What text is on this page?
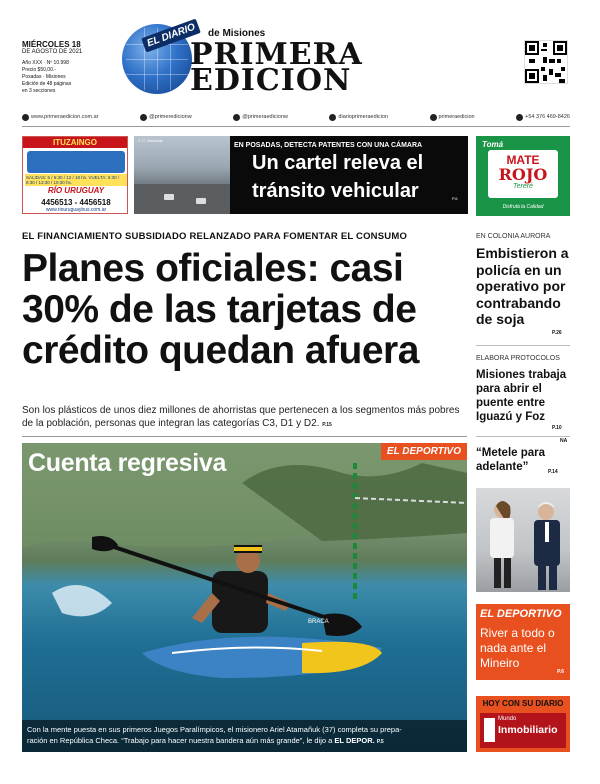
MIÉRCOLES 18
DE AGOSTO DE 2021
Año XXX · Nº 10.998
Precio $50,00.-
Posadas · Misiones
Edición de 48 páginas
en 3 secciones
EL DIARIO	de Misiones
PRIMERA
EDICION
www.primeraedicion.com.ar	@primeredicionw	@primeraedicionw	diarioprimeraedicion	primeraedicion	+54 376 469-8426
ITUZAINGO
SALIDAS: 5 / 6:30 / 12 / 18 hs. VUELTA: 6:30 / 8:30 / 13:30 / 19:30 hs.
RÍO URUGUAY
4456513 - 4456518
www.riouruguaybus.com.ar
J. C. Marchak
EN POSADAS, DETECTA PATENTES CON UNA CÁMARA
Un cartel releva el
tránsito vehicular	P.6
Tomá
MATE
ROJO
Tereré
Disfrutá la Calidad
EL FINANCIAMIENTO SUBSIDIADO RELANZADO PARA FOMENTAR EL CONSUMO
Planes oficiales: casi 30% de las tarjetas de crédito quedan afuera
Son los plásticos de unos diez millones de ahorristas que pertenecen a los segmentos más pobres de la población, personas que integran las categorías C3, D1 y D2. P.15
EN COLONIA AURORA
Embistieron a policía en un operativo por contrabando de soja
P.26
ELABORA PROTOCOLOS
Misiones trabaja para abrir el puente entre Iguazú y Foz
P.10
NA
“Metele para adelante”	P.14
BRACA
Cuenta regresiva	EL DEPORTIVO
Con la mente puesta en sus primeros Juegos Paralímpicos, el misionero Ariel Atamañuk (37) completa su prepa-
ración en República Checa. “Trabajo para hacer nuestra bandera aún más grande”, le dijo a EL DEPOR. P.5
EL DEPORTIVO
River a todo o nada ante el Mineiro
P.6
HOY CON SU DIARIO
Mundo
Inmobiliario
